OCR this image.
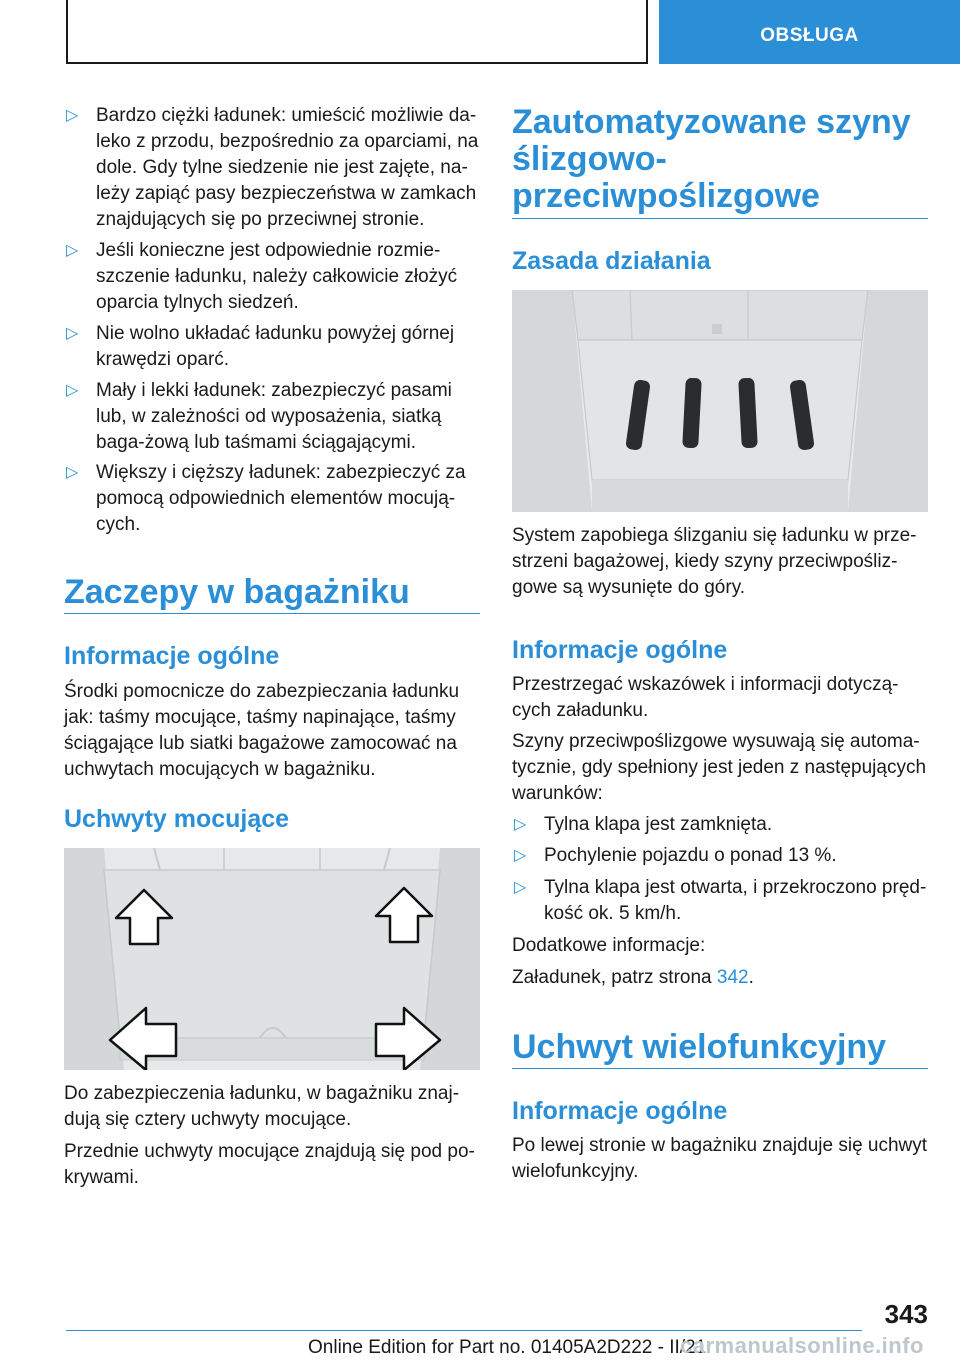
OBSŁUGA
▷ Bardzo ciężki ładunek: umieścić możliwie da-leko z przodu, bezpośrednio za oparciami, na dole. Gdy tylne siedzenie nie jest zajęte, na-leży zapiąć pasy bezpieczeństwa w zamkach znajdujących się po przeciwnej stronie.
▷ Jeśli konieczne jest odpowiednie rozmie-szczenie ładunku, należy całkowicie złożyć oparcia tylnych siedzeń.
▷ Nie wolno układać ładunku powyżej górnej krawędzi oparć.
▷ Mały i lekki ładunek: zabezpieczyć pasami lub, w zależności od wyposażenia, siatką baga-żową lub taśmami ściągającymi.
▷ Większy i cięższy ładunek: zabezpieczyć za pomocą odpowiednich elementów mocują-cych.
Zaczepy w bagażniku
Informacje ogólne

Środki pomocnicze do zabezpieczania ładunku jak: taśmy mocujące, taśmy napinające, taśmy ściągające lub siatki bagażowe zamocować na uchwytach mocujących w bagażniku.

Uchwyty mocujące

Do zabezpieczenia ładunku, w bagażniku znaj-dują się cztery uchwyty mocujące.

Przednie uchwyty mocujące znajdują się pod po-krywami.

Zautomatyzowane szyny ślizgowo-przeciwpoślizgowe
Zasada działania

System zapobiega ślizganiu się ładunku w prze-strzeni bagażowej, kiedy szyny przeciwpośliz-gowe są wysunięte do góry.

Informacje ogólne

Przestrzegać wskazówek i informacji dotyczą-cych załadunku.

Szyny przeciwpoślizgowe wysuwają się automa-tycznie, gdy spełniony jest jeden z następujących warunków:

▷ Tylna klapa jest zamknięta.
▷ Pochylenie pojazdu o ponad 13 %.
▷ Tylna klapa jest otwarta, i przekroczono pręd-kość ok. 5 km/h.

Dodatkowe informacje:

Załadunek, patrz strona 342.

Uchwyt wielofunkcyjny
Informacje ogólne

Po lewej stronie w bagażniku znajduje się uchwyt wielofunkcyjny.

343
Online Edition for Part no. 01405A2D222 - II/21
carmanualsonline.info
